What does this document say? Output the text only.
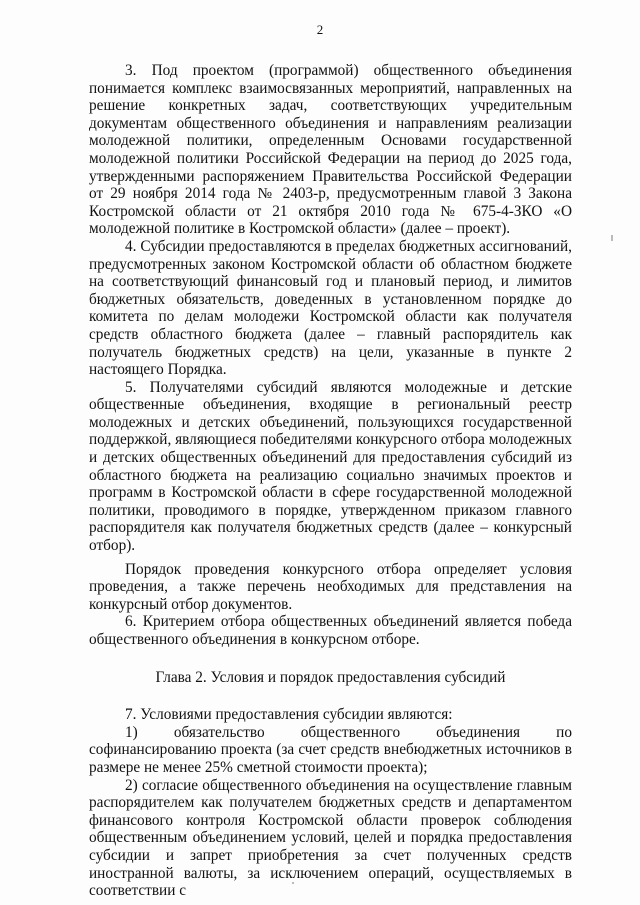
2

3. Под проектом (программой) общественного объединения понимается комплекс взаимосвязанных мероприятий, направленных на решение конкретных задач, соответствующих учредительным документам общественного объединения и направлениям реализации молодежной политики, определенным Основами государственной молодежной политики Российской Федерации на период до 2025 года, утвержденными распоряжением Правительства Российской Федерации от 29 ноября 2014 года № 2403-р, предусмотренным главой 3 Закона Костромской области от 21 октября 2010 года № 675-4-ЗКО «О молодежной политике в Костромской области» (далее – проект).

4. Субсидии предоставляются в пределах бюджетных ассигнований, предусмотренных законом Костромской области об областном бюджете на соответствующий финансовый год и плановый период, и лимитов бюджетных обязательств, доведенных в установленном порядке до комитета по делам молодежи Костромской области как получателя средств областного бюджета (далее – главный распорядитель как получатель бюджетных средств) на цели, указанные в пункте 2 настоящего Порядка.

5. Получателями субсидий являются молодежные и детские общественные объединения, входящие в региональный реестр молодежных и детских объединений, пользующихся государственной поддержкой, являющиеся победителями конкурсного отбора молодежных и детских общественных объединений для предоставления субсидий из областного бюджета на реализацию социально значимых проектов и программ в Костромской области в сфере государственной молодежной политики, проводимого в порядке, утвержденном приказом главного распорядителя как получателя бюджетных средств (далее – конкурсный отбор).

Порядок проведения конкурсного отбора определяет условия проведения, а также перечень необходимых для представления на конкурсный отбор документов.

6. Критерием отбора общественных объединений является победа общественного объединения в конкурсном отборе.

Глава 2. Условия и порядок предоставления субсидий

7. Условиями предоставления субсидии являются:

1) обязательство общественного объединения по софинансированию проекта (за счет средств внебюджетных источников в размере не менее 25% сметной стоимости проекта);

2) согласие общественного объединения на осуществление главным распорядителем как получателем бюджетных средств и департаментом финансового контроля Костромской области проверок соблюдения общественным объединением условий, целей и порядка предоставления субсидии и запрет приобретения за счет полученных средств иностранной валюты, за исключением операций, осуществляемых в соответствии с
